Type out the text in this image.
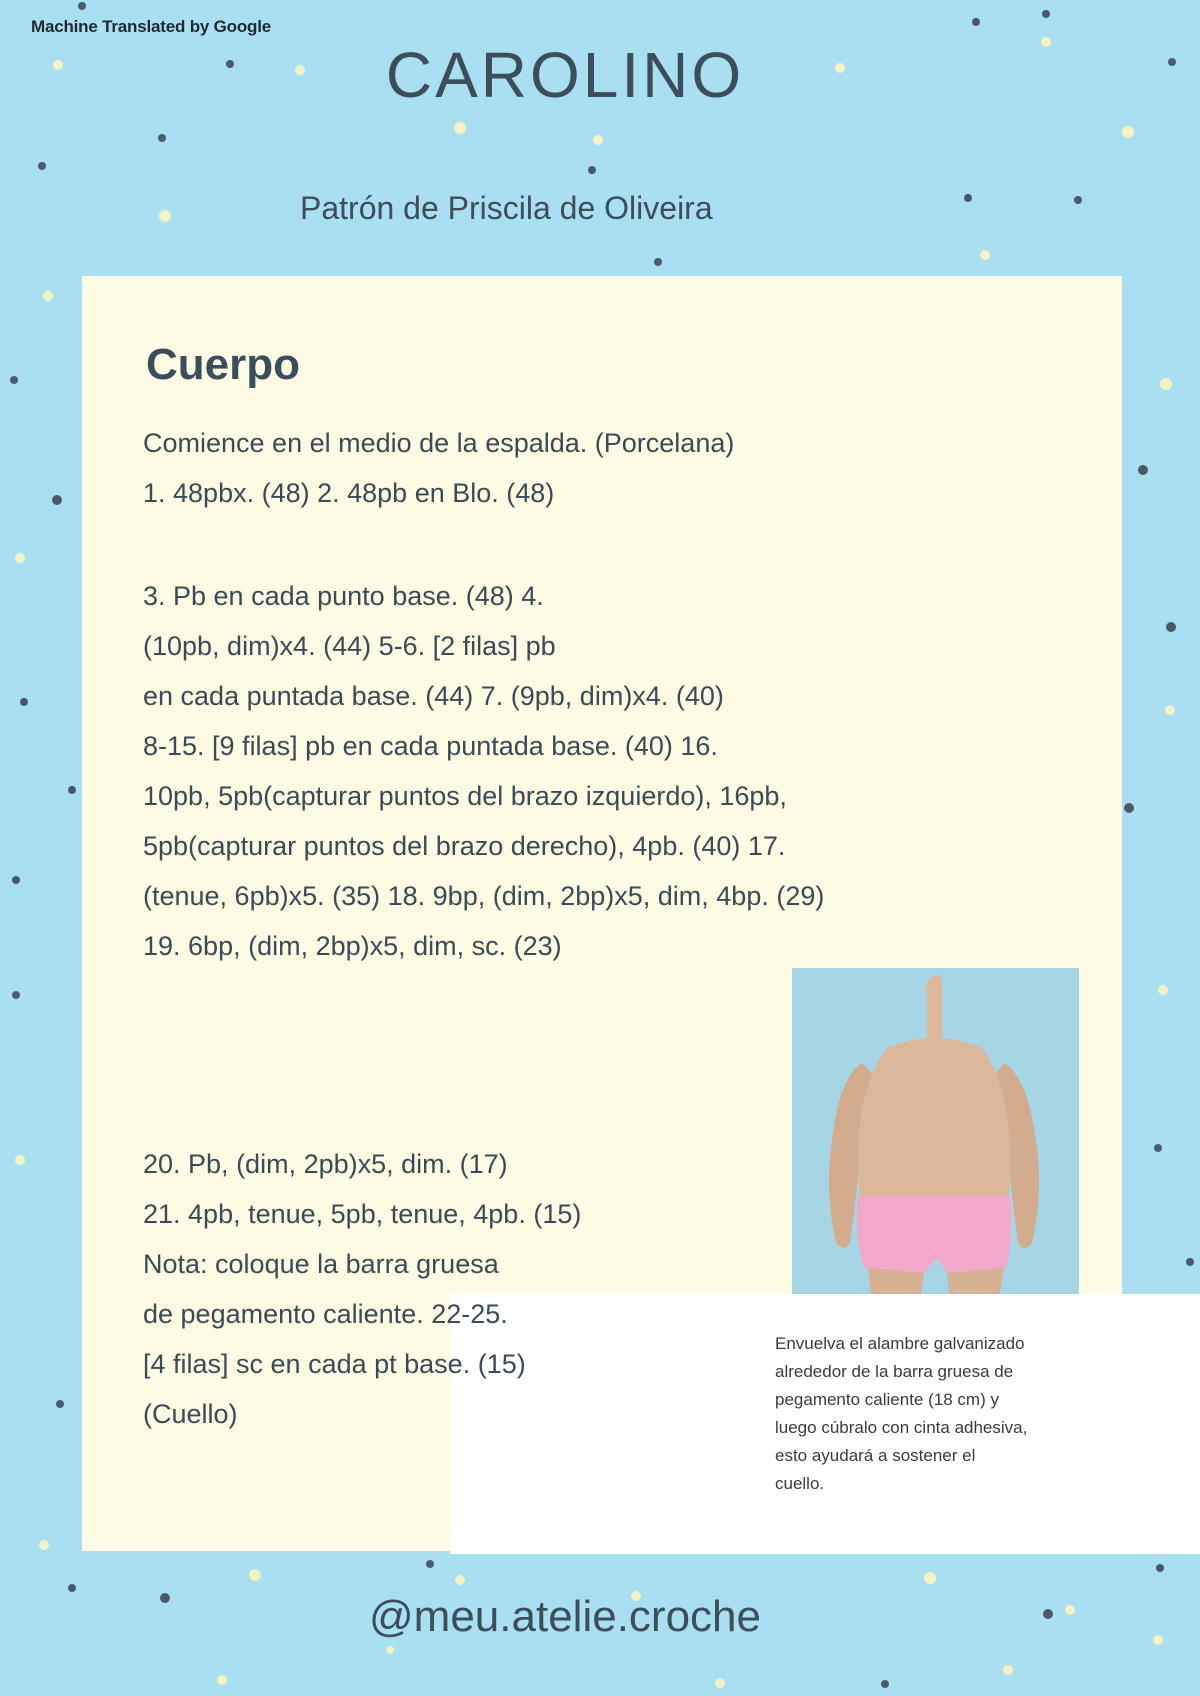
Machine Translated by Google
CAROLINO
Patrón de Priscila de Oliveira
Cuerpo
Comience en el medio de la espalda. (Porcelana)
1. 48pbx. (48) 2. 48pb en Blo. (48)
3. Pb en cada punto base. (48) 4.
(10pb, dim)x4. (44) 5-6. [2 filas] pb
en cada puntada base. (44) 7. (9pb, dim)x4. (40)
8-15. [9 filas] pb en cada puntada base. (40) 16.
10pb, 5pb(capturar puntos del brazo izquierdo), 16pb,
5pb(capturar puntos del brazo derecho), 4pb. (40) 17.
(tenue, 6pb)x5. (35) 18. 9bp, (dim, 2bp)x5, dim, 4bp. (29)
19. 6bp, (dim, 2bp)x5, dim, sc. (23)
20. Pb, (dim, 2pb)x5, dim. (17)
21. 4pb, tenue, 5pb, tenue, 4pb. (15)
Nota: coloque la barra gruesa
de pegamento caliente. 22-25.
[4 filas] sc en cada pt base. (15)
(Cuello)
Envuelva el alambre galvanizado
alrededor de la barra gruesa de
pegamento caliente (18 cm) y
luego cúbralo con cinta adhesiva,
esto ayudará a sostener el
cuello.
@meu.atelie.croche
